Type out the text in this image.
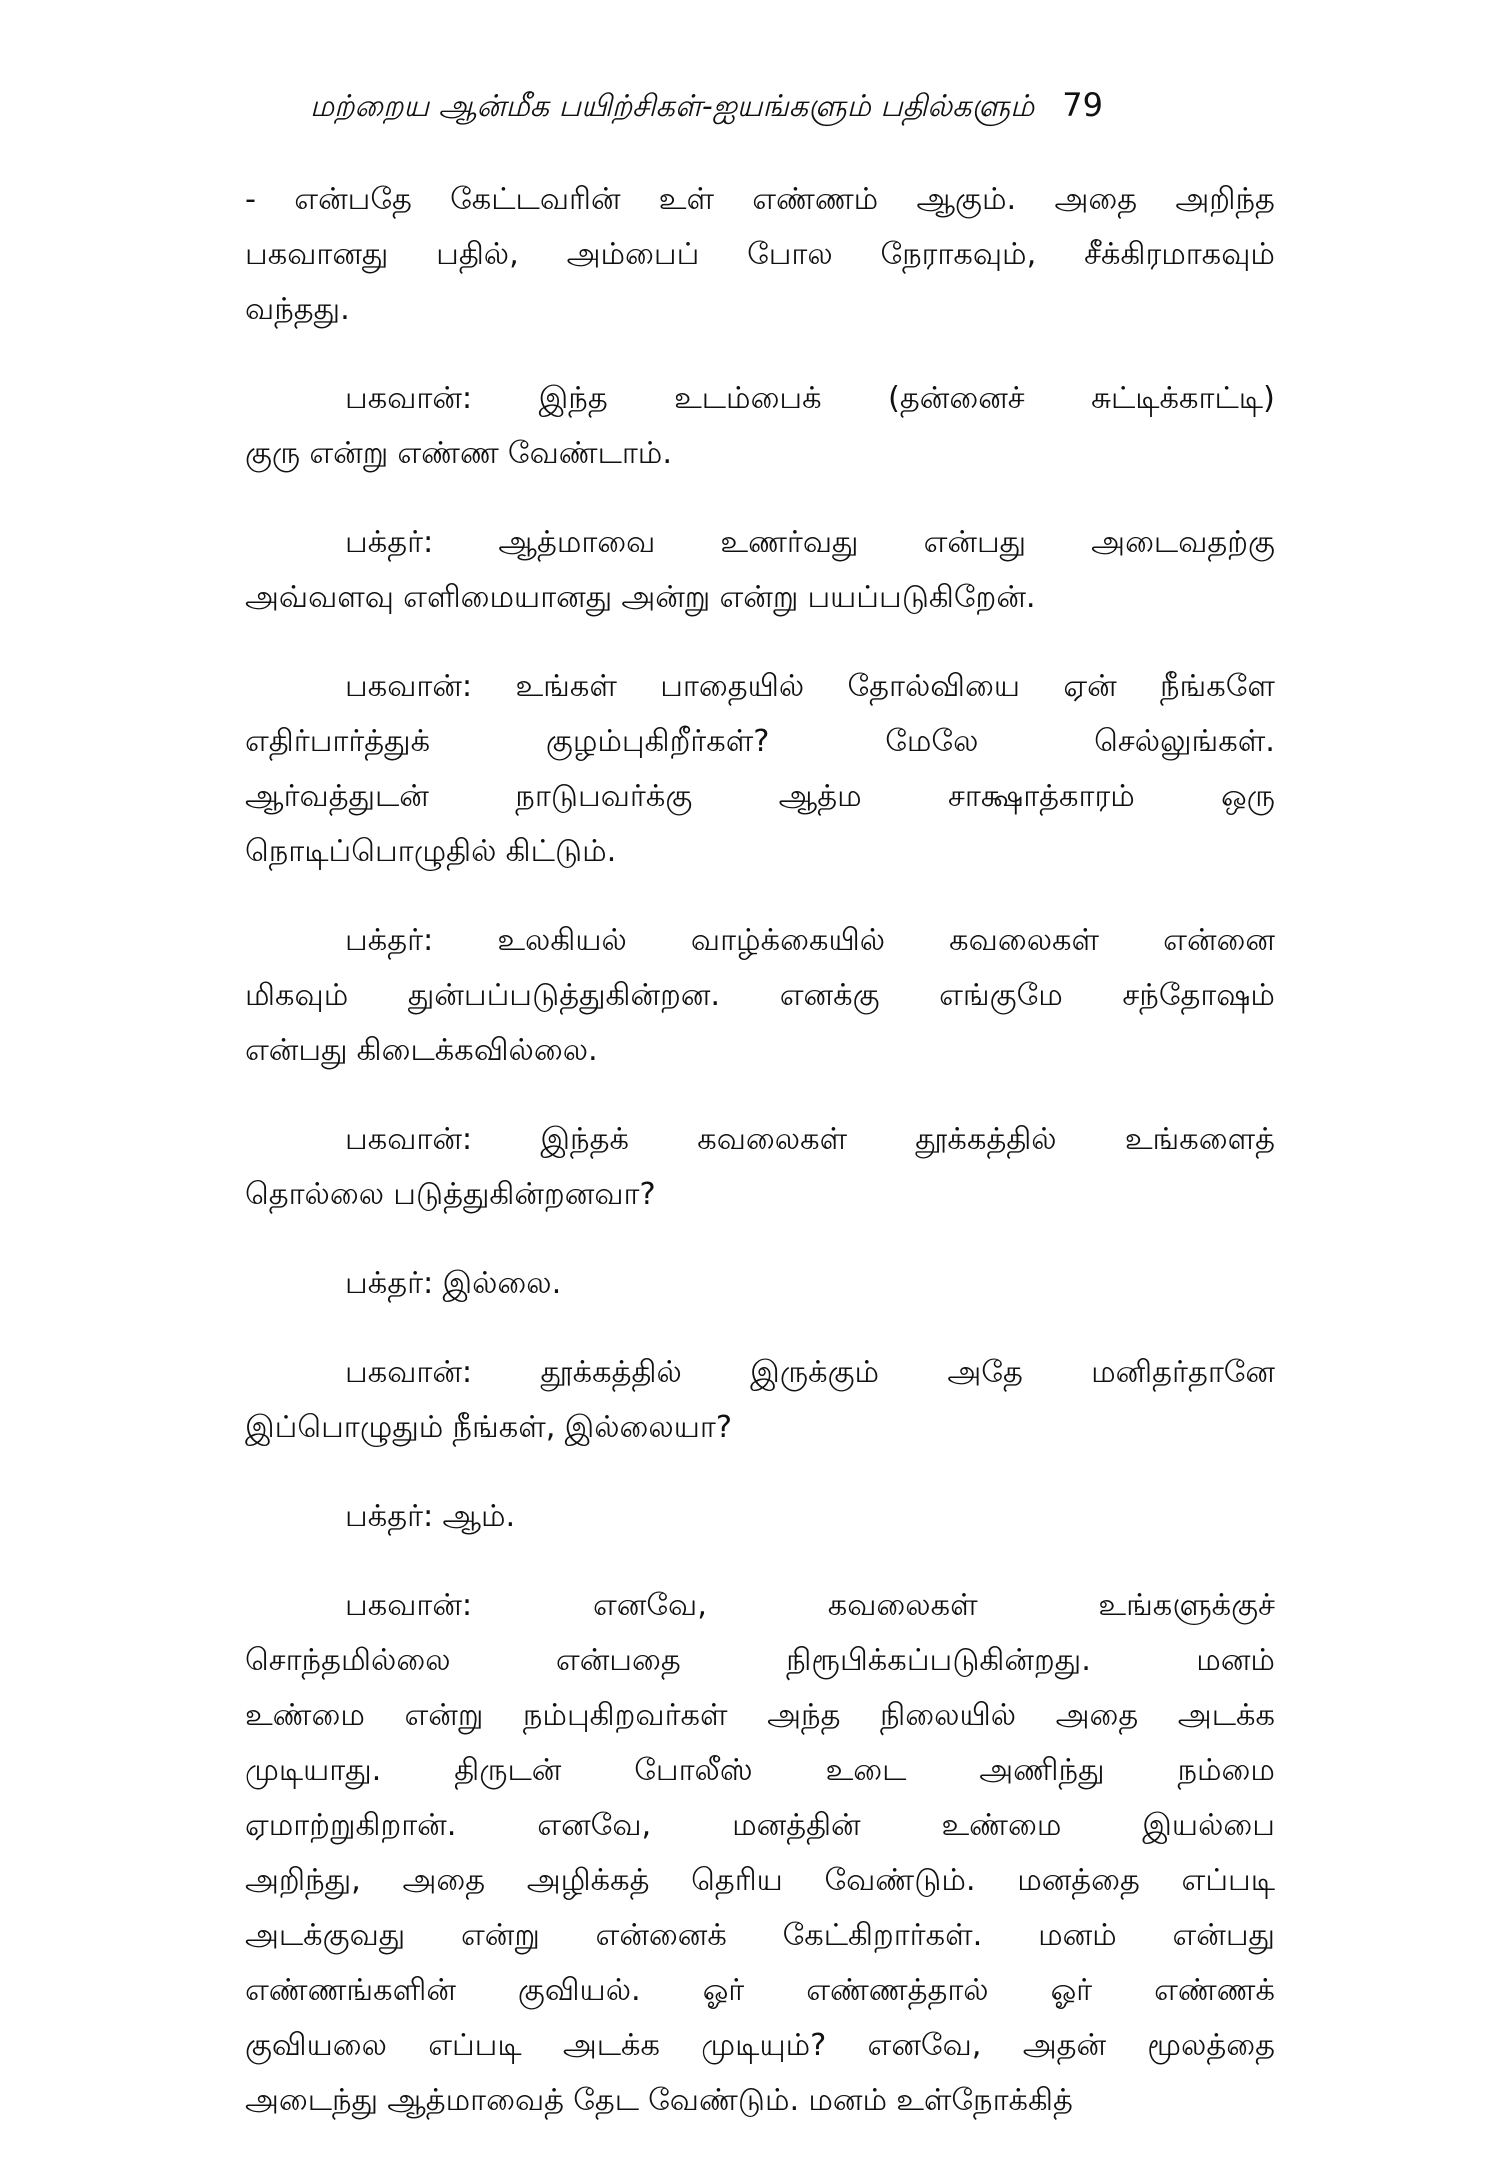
மற்றைய ஆன்மீக பயிற்சிகள்-ஐயங்களும் பதில்களும் 79
- என்பதே கேட்டவரின் உள் எண்ணம் ஆகும். அதை அறிந்த
பகவானது பதில், அம்பைப் போல நேராகவும், சீக்கிரமாகவும்
வந்தது.
பகவான்: இந்த உடம்பைக் (தன்னைச் சுட்டிக்காட்டி)
குரு என்று எண்ண வேண்டாம்.
பக்தர்: ஆத்மாவை உணர்வது என்பது அடைவதற்கு
அவ்வளவு எளிமையானது அன்று என்று பயப்படுகிறேன்.
பகவான்: உங்கள் பாதையில் தோல்வியை ஏன் நீங்களே
எதிர்பார்த்துக்	குழம்புகிறீர்கள்?	மேலே	செல்லுங்கள்.
ஆர்வத்துடன்	நாடுபவர்க்கு	ஆத்ம	சாக்ஷாத்காரம்	ஒரு
நொடிப்பொழுதில் கிட்டும்.
பக்தர்: உலகியல் வாழ்க்கையில் கவலைகள் என்னை
மிகவும் துன்பப்படுத்துகின்றன. எனக்கு எங்குமே சந்தோஷம்
என்பது கிடைக்கவில்லை.
பகவான்: இந்தக் கவலைகள் தூக்கத்தில் உங்களைத்
தொல்லை படுத்துகின்றனவா?
பக்தர்: இல்லை.
பகவான்: தூக்கத்தில் இருக்கும் அதே மனிதர்தானே
இப்பொழுதும் நீங்கள், இல்லையா?
பக்தர்: ஆம்.
பகவான்:	எனவே,	கவலைகள்	உங்களுக்குச்
சொந்தமில்லை	என்பதை	நிரூபிக்கப்படுகின்றது.	மனம்
உண்மை என்று நம்புகிறவர்கள் அந்த நிலையில் அதை அடக்க
முடியாது. திருடன் போலீஸ் உடை அணிந்து நம்மை
ஏமாற்றுகிறான்.	எனவே,	மனத்தின்	உண்மை	இயல்பை
அறிந்து, அதை அழிக்கத் தெரிய வேண்டும். மனத்தை எப்படி
அடக்குவது என்று என்னைக் கேட்கிறார்கள். மனம் என்பது
எண்ணங்களின் குவியல். ஓர் எண்ணத்தால் ஓர் எண்ணக்
குவியலை எப்படி அடக்க முடியும்? எனவே, அதன் மூலத்தை
அடைந்து ஆத்மாவைத் தேட வேண்டும். மனம் உள்நோக்கித்
